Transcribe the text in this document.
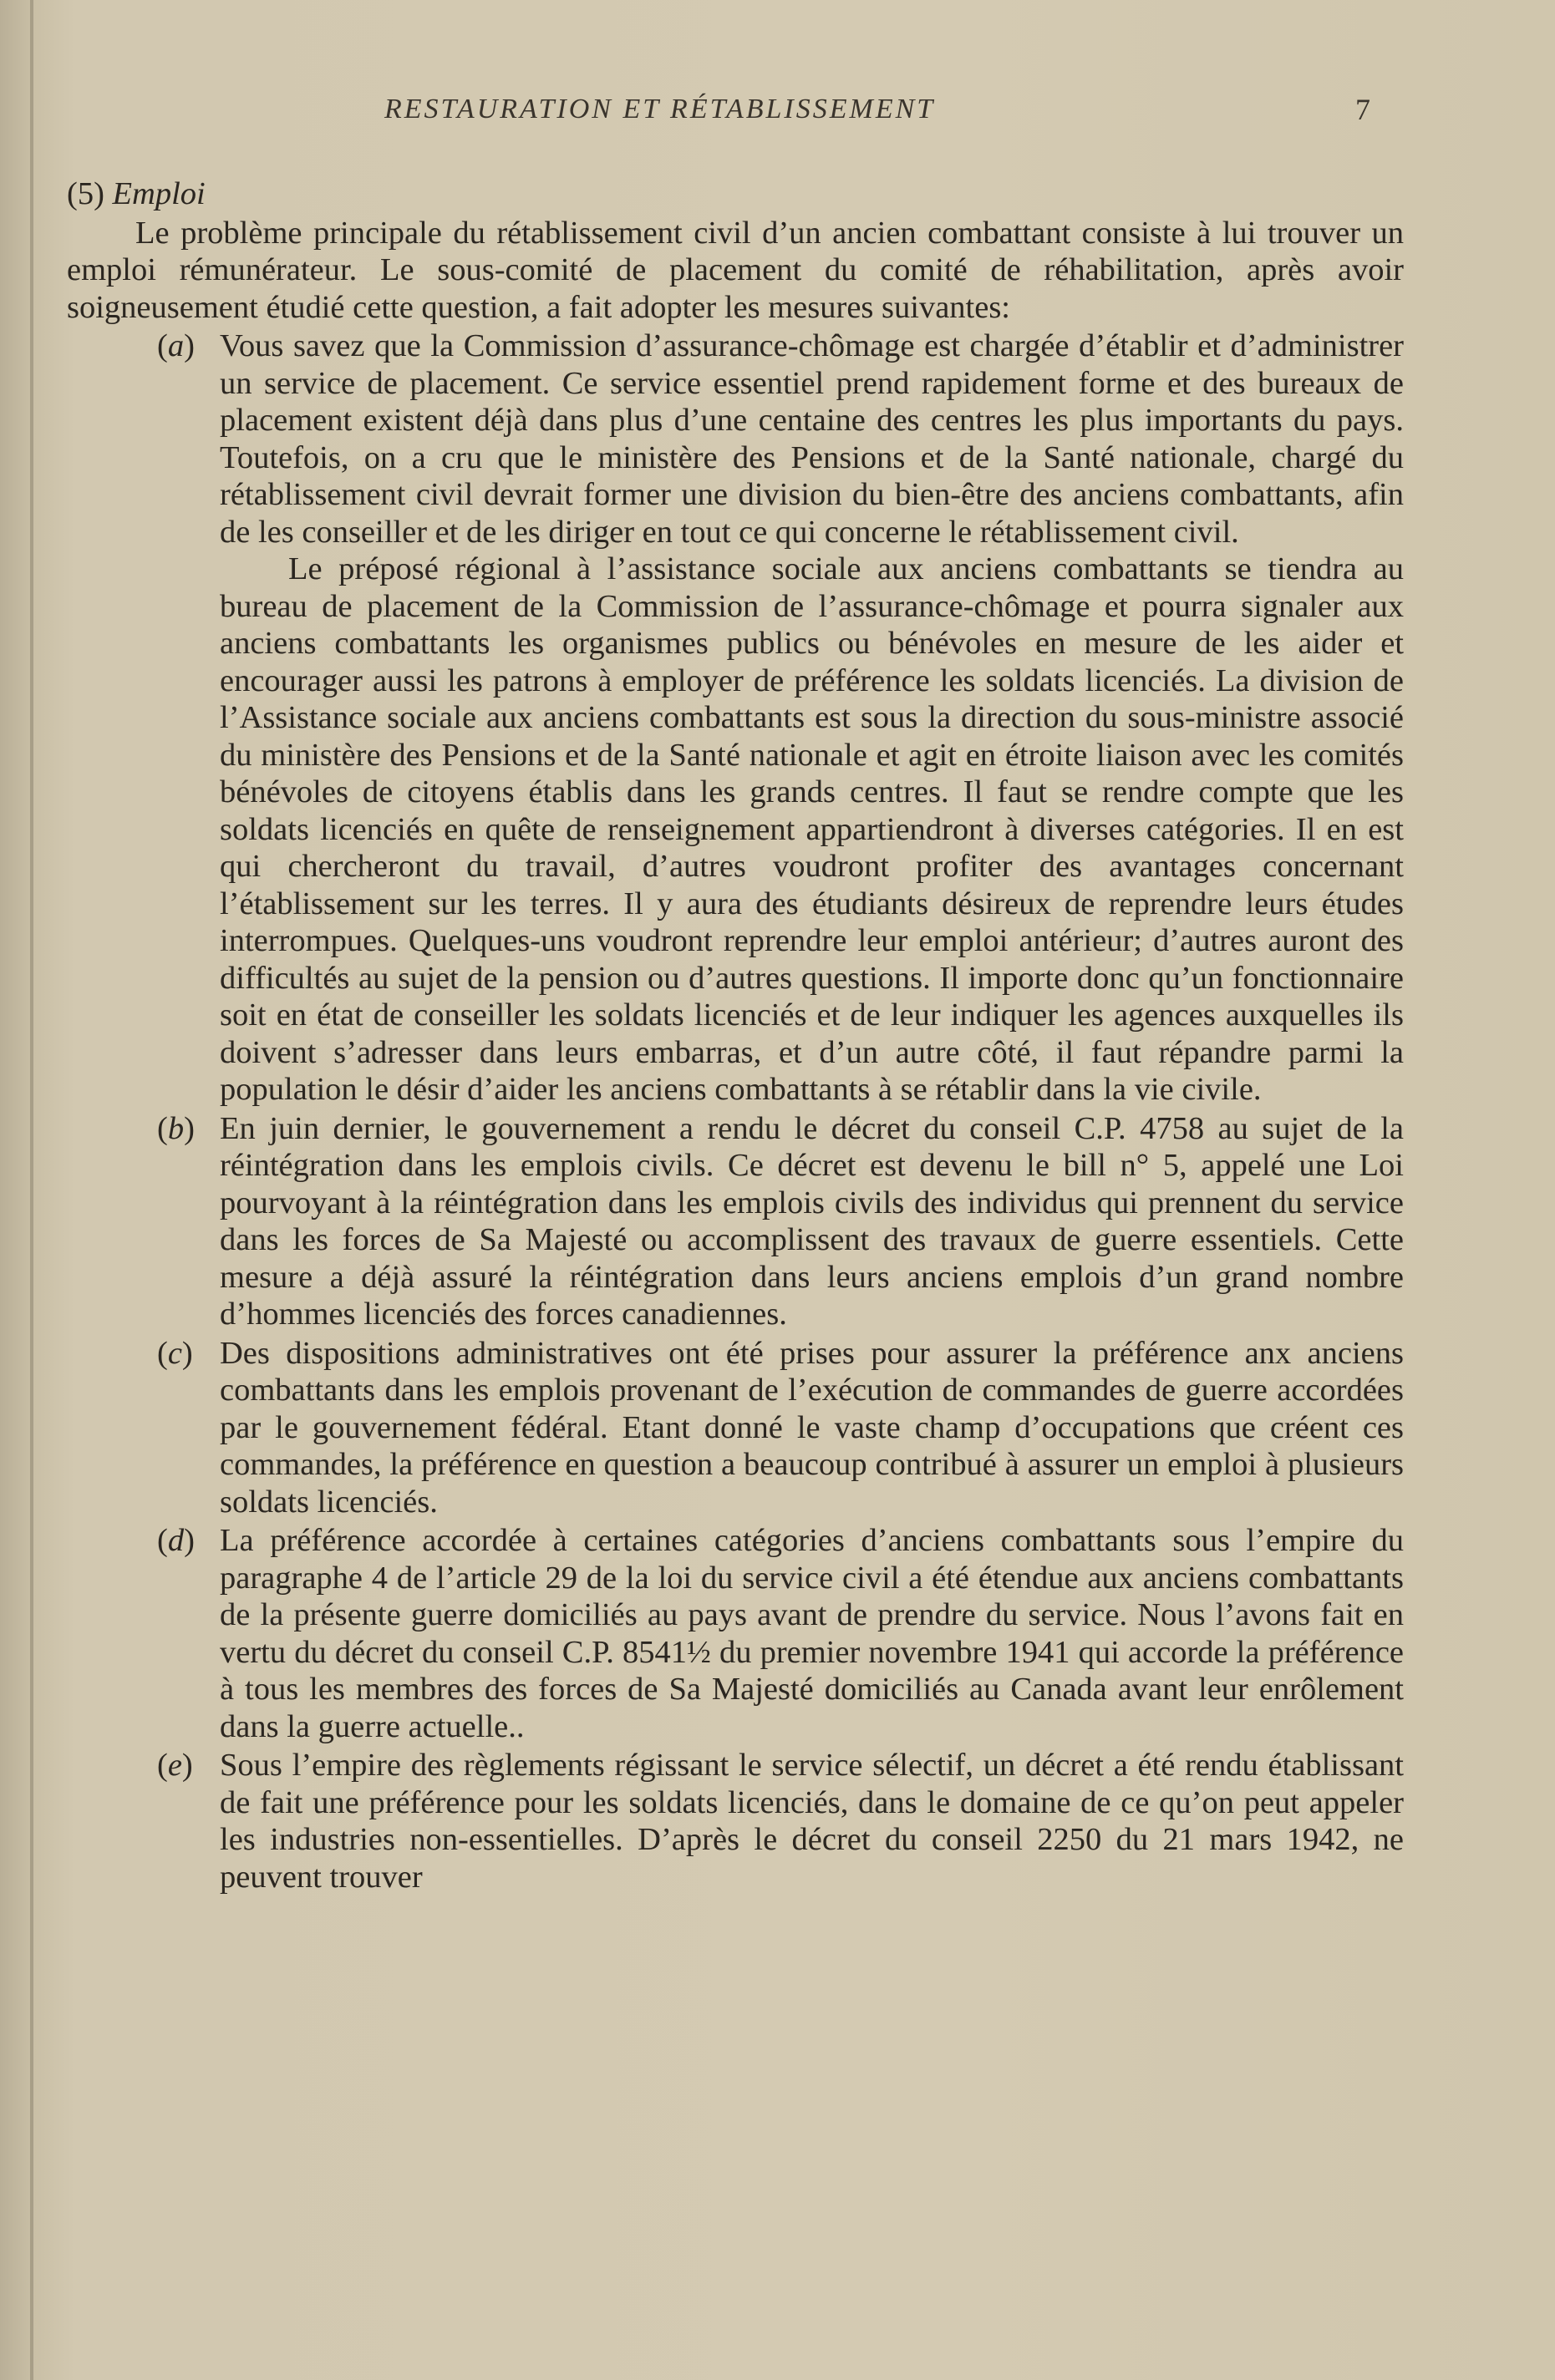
RESTAURATION ET RÉTABLISSEMENT	7
(5) Emploi

Le problème principale du rétablissement civil d’un ancien combattant consiste à lui trouver un emploi rémunérateur. Le sous-comité de placement du comité de réhabilitation, après avoir soigneusement étudié cette question, a fait adopter les mesures suivantes:

(a) Vous savez que la Commission d’assurance-chômage est chargée d’établir et d’administrer un service de placement. Ce service essentiel prend rapidement forme et des bureaux de placement existent déjà dans plus d’une centaine des centres les plus importants du pays. Toutefois, on a cru que le ministère des Pensions et de la Santé nationale, chargé du rétablissement civil devrait former une division du bien-être des anciens combattants, afin de les conseiller et de les diriger en tout ce qui concerne le rétablissement civil.

Le préposé régional à l’assistance sociale aux anciens combattants se tiendra au bureau de placement de la Commission de l’assurance-chômage et pourra signaler aux anciens combattants les organismes publics ou bénévoles en mesure de les aider et encourager aussi les patrons à employer de préférence les soldats licenciés. La division de l’Assistance sociale aux anciens combattants est sous la direction du sous-ministre associé du ministère des Pensions et de la Santé nationale et agit en étroite liaison avec les comités bénévoles de citoyens établis dans les grands centres. Il faut se rendre compte que les soldats licenciés en quête de renseignement appartiendront à diverses catégories. Il en est qui chercheront du travail, d’autres voudront profiter des avantages concernant l’établissement sur les terres. Il y aura des étudiants désireux de reprendre leurs études interrompues. Quelques-uns voudront reprendre leur emploi antérieur; d’autres auront des difficultés au sujet de la pension ou d’autres questions. Il importe donc qu’un fonctionnaire soit en état de conseiller les soldats licenciés et de leur indiquer les agences auxquelles ils doivent s’adresser dans leurs embarras, et d’un autre côté, il faut répandre parmi la population le désir d’aider les anciens combattants à se rétablir dans la vie civile.

(b) En juin dernier, le gouvernement a rendu le décret du conseil C.P. 4758 au sujet de la réintégration dans les emplois civils. Ce décret est devenu le bill n° 5, appelé une Loi pourvoyant à la réintégration dans les emplois civils des individus qui prennent du service dans les forces de Sa Majesté ou accomplissent des travaux de guerre essentiels. Cette mesure a déjà assuré la réintégration dans leurs anciens emplois d’un grand nombre d’hommes licenciés des forces canadiennes.

(c) Des dispositions administratives ont été prises pour assurer la préférence anx anciens combattants dans les emplois provenant de l’exécution de commandes de guerre accordées par le gouvernement fédéral. Etant donné le vaste champ d’occupations que créent ces commandes, la préférence en question a beaucoup contribué à assurer un emploi à plusieurs soldats licenciés.

(d) La préférence accordée à certaines catégories d’anciens combattants sous l’empire du paragraphe 4 de l’article 29 de la loi du service civil a été étendue aux anciens combattants de la présente guerre domiciliés au pays avant de prendre du service. Nous l’avons fait en vertu du décret du conseil C.P. 8541½ du premier novembre 1941 qui accorde la préférence à tous les membres des forces de Sa Majesté domiciliés au Canada avant leur enrôlement dans la guerre actuelle..

(e) Sous l’empire des règlements régissant le service sélectif, un décret a été rendu établissant de fait une préférence pour les soldats licenciés, dans le domaine de ce qu’on peut appeler les industries non-essentielles. D’après le décret du conseil 2250 du 21 mars 1942, ne peuvent trouver
